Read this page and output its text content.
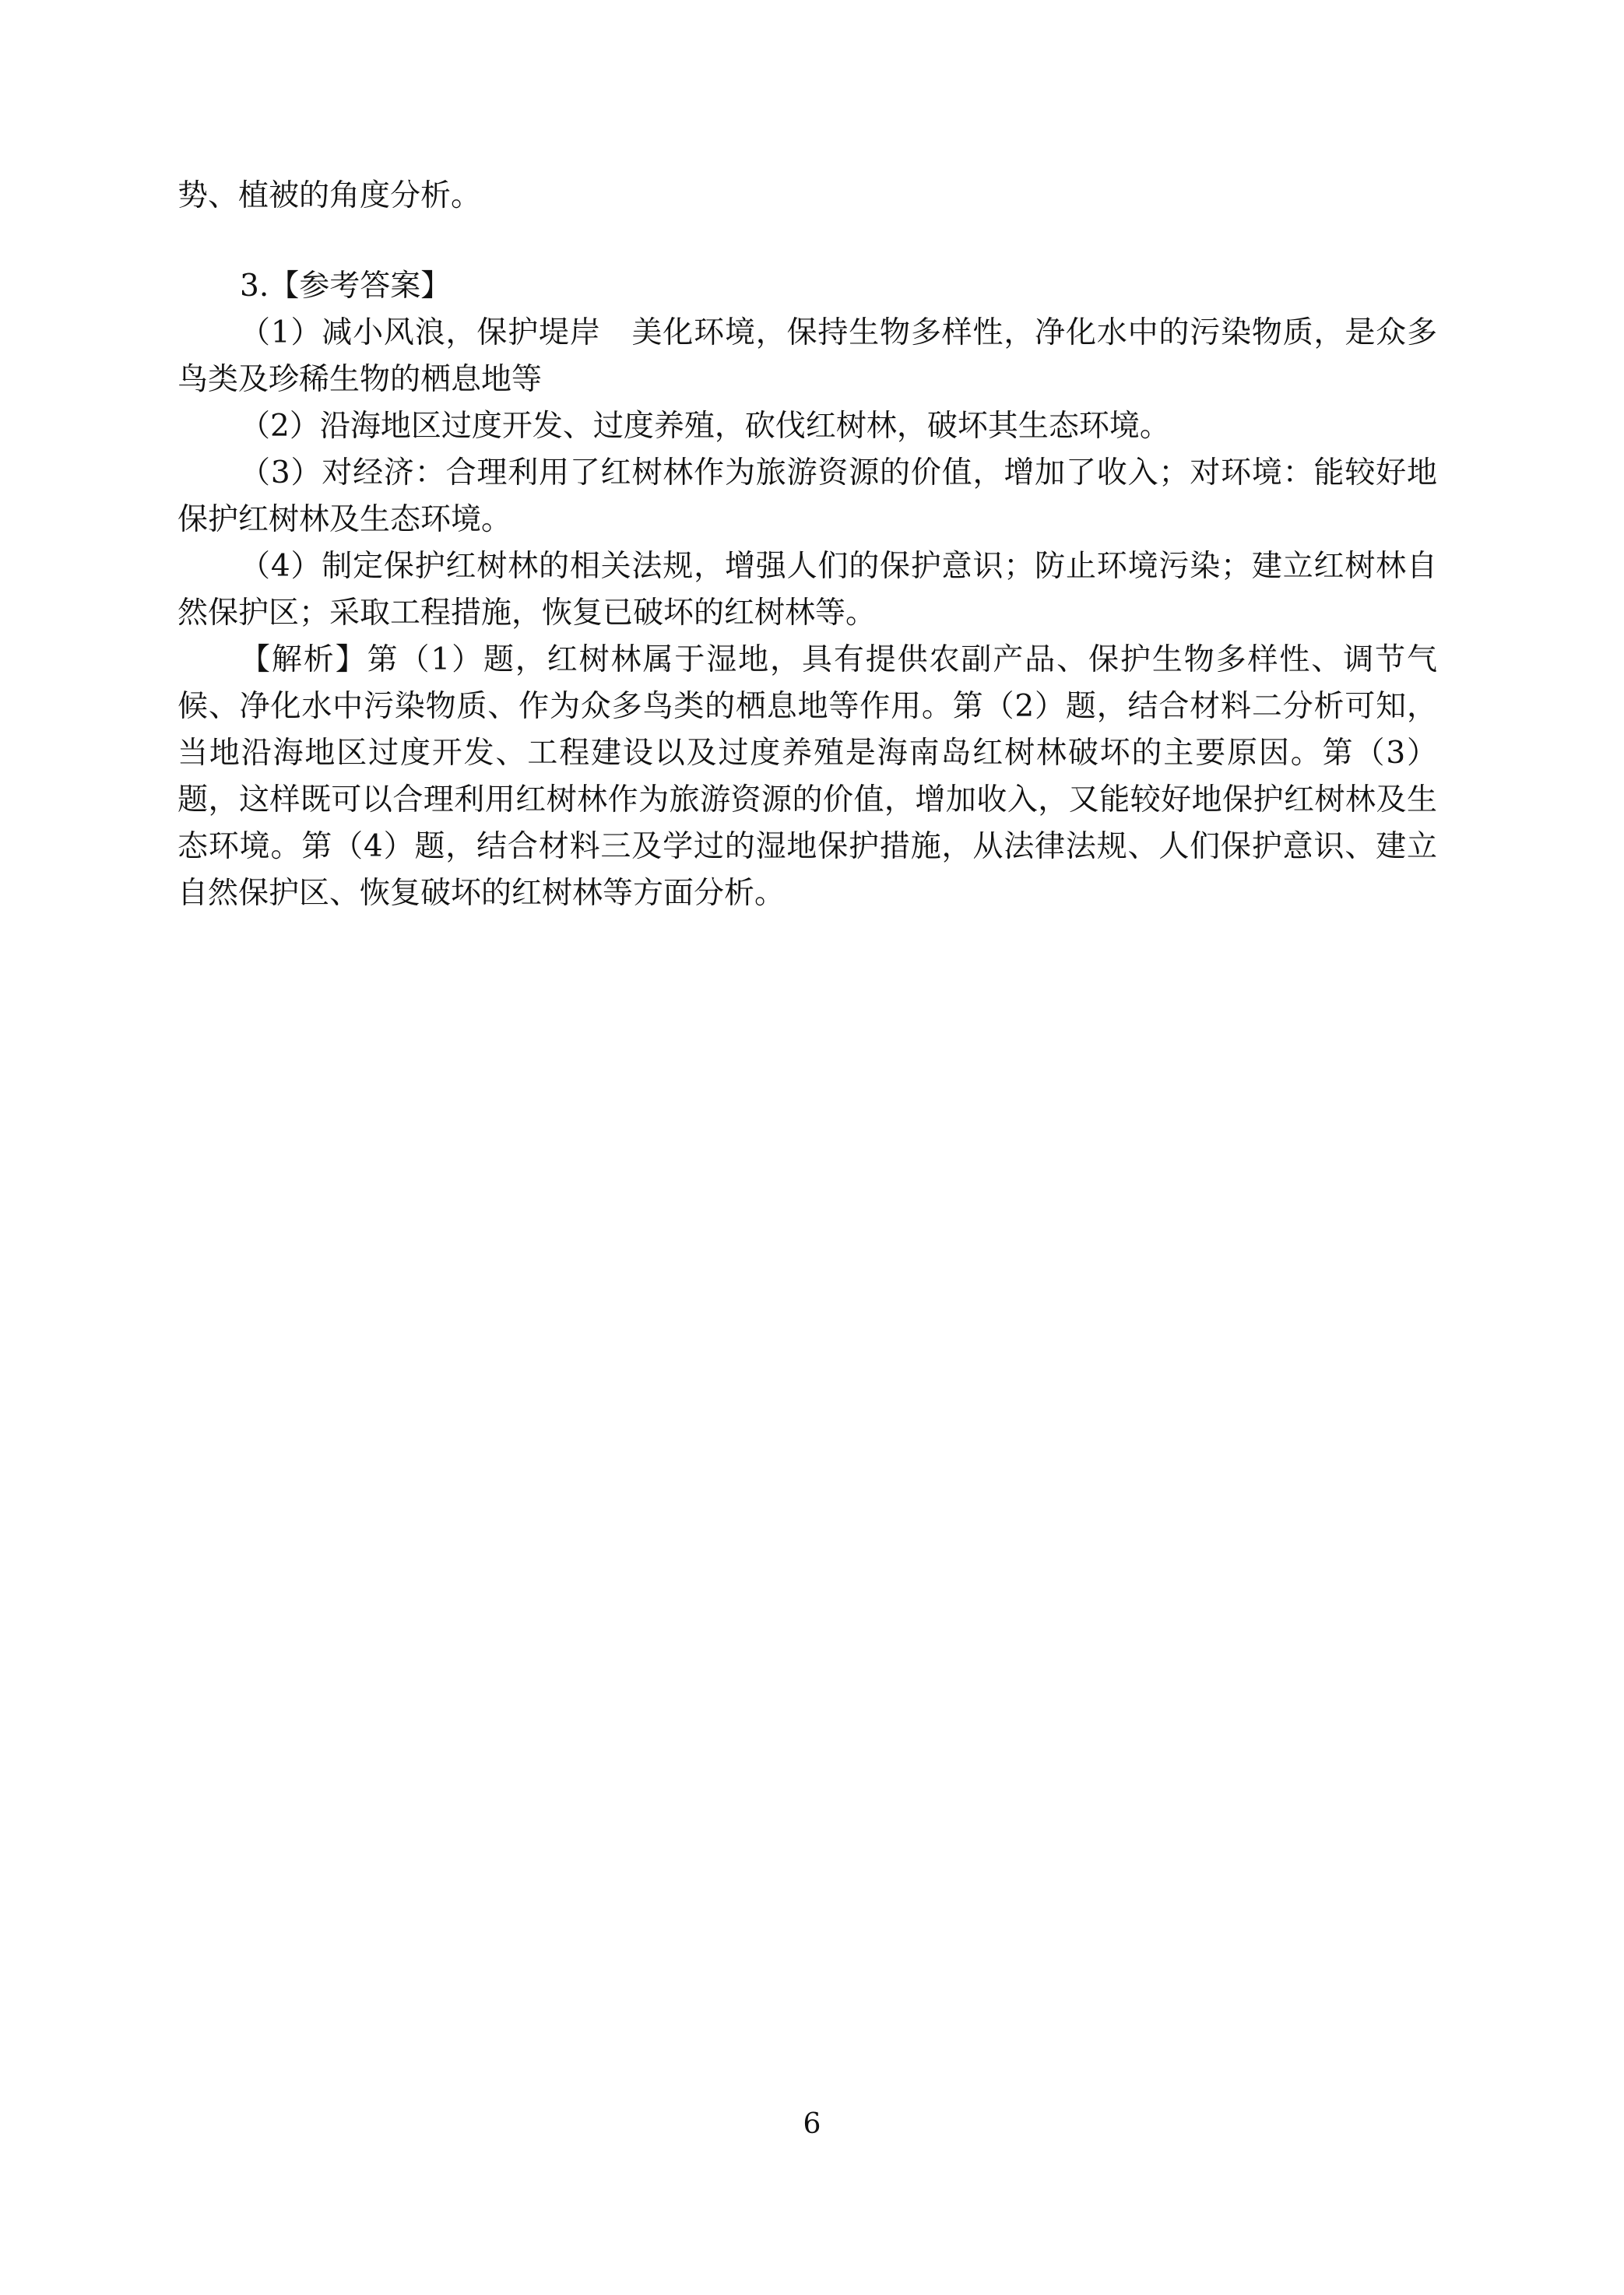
势、植被的角度分析。

3.【参考答案】

（1）减小风浪，保护堤岸　美化环境，保持生物多样性，净化水中的污染物质，是众多鸟类及珍稀生物的栖息地等

（2）沿海地区过度开发、过度养殖，砍伐红树林，破坏其生态环境。

（3）对经济：合理利用了红树林作为旅游资源的价值，增加了收入；对环境：能较好地保护红树林及生态环境。

（4）制定保护红树林的相关法规，增强人们的保护意识；防止环境污染；建立红树林自然保护区；采取工程措施，恢复已破坏的红树林等。

【解析】第（1）题，红树林属于湿地，具有提供农副产品、保护生物多样性、调节气候、净化水中污染物质、作为众多鸟类的栖息地等作用。第（2）题，结合材料二分析可知，当地沿海地区过度开发、工程建设以及过度养殖是海南岛红树林破坏的主要原因。第（3）题，这样既可以合理利用红树林作为旅游资源的价值，增加收入，又能较好地保护红树林及生态环境。第（4）题，结合材料三及学过的湿地保护措施，从法律法规、人们保护意识、建立自然保护区、恢复破坏的红树林等方面分析。

6
